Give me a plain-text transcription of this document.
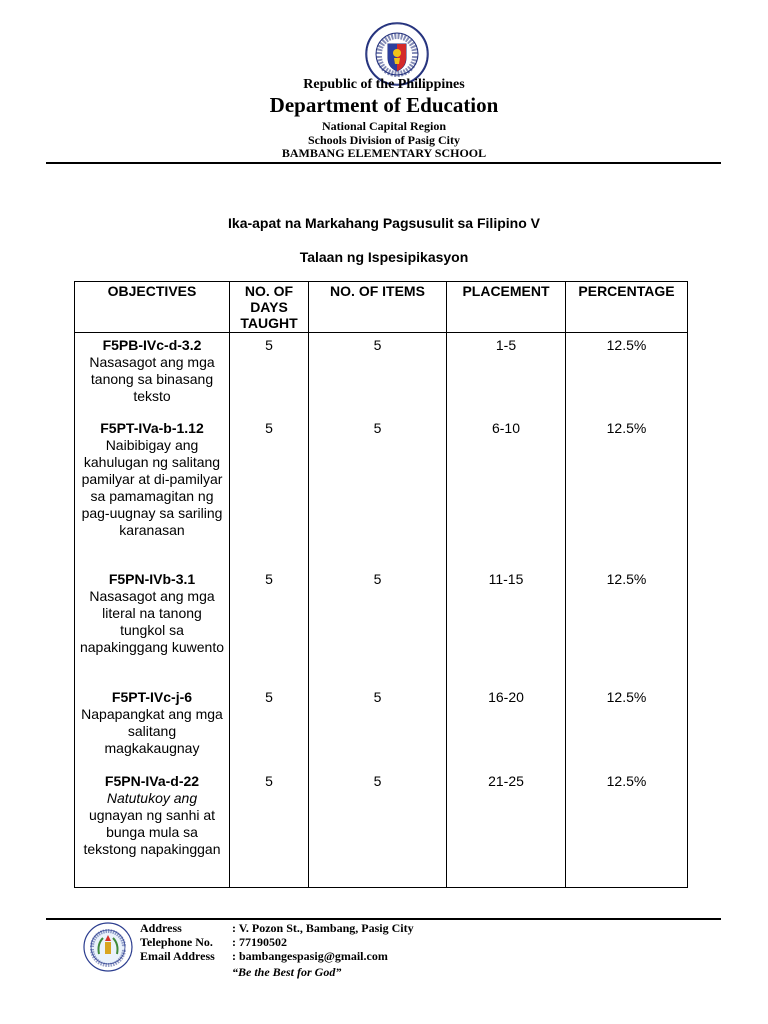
Republic of the Philippines
Department of Education
National Capital Region
Schools Division of Pasig City
BAMBANG ELEMENTARY SCHOOL
Ika-apat na Markahang Pagsusulit sa Filipino V
Talaan ng Ispesipikasyon
OBJECTIVES	NO. OF DAYS TAUGHT	NO. OF ITEMS	PLACEMENT	PERCENTAGE

F5PB-IVc-d-3.2
Nasasagot ang mga tanong sa binasang teksto	5	5	1-5	12.5%

F5PT-IVa-b-1.12
Naibibigay ang kahulugan ng salitang pamilyar at di-pamilyar sa pamamagitan ng pag-uugnay sa sariling karanasan	5	5	6-10	12.5%

F5PN-IVb-3.1
Nasasagot ang mga literal na tanong tungkol sa napakinggang kuwento	5	5	11-15	12.5%

F5PT-IVc-j-6
Napapangkat ang mga salitang magkakaugnay	5	5	16-20	12.5%

F5PN-IVa-d-22
Natutukoy ang ugnayan ng sanhi at bunga mula sa tekstong napakinggan	5	5	21-25	12.5%
Address	: V. Pozon St., Bambang, Pasig City
Telephone No. : 77190502
Email Address : bambangespasig@gmail.com
“Be the Best for God”
